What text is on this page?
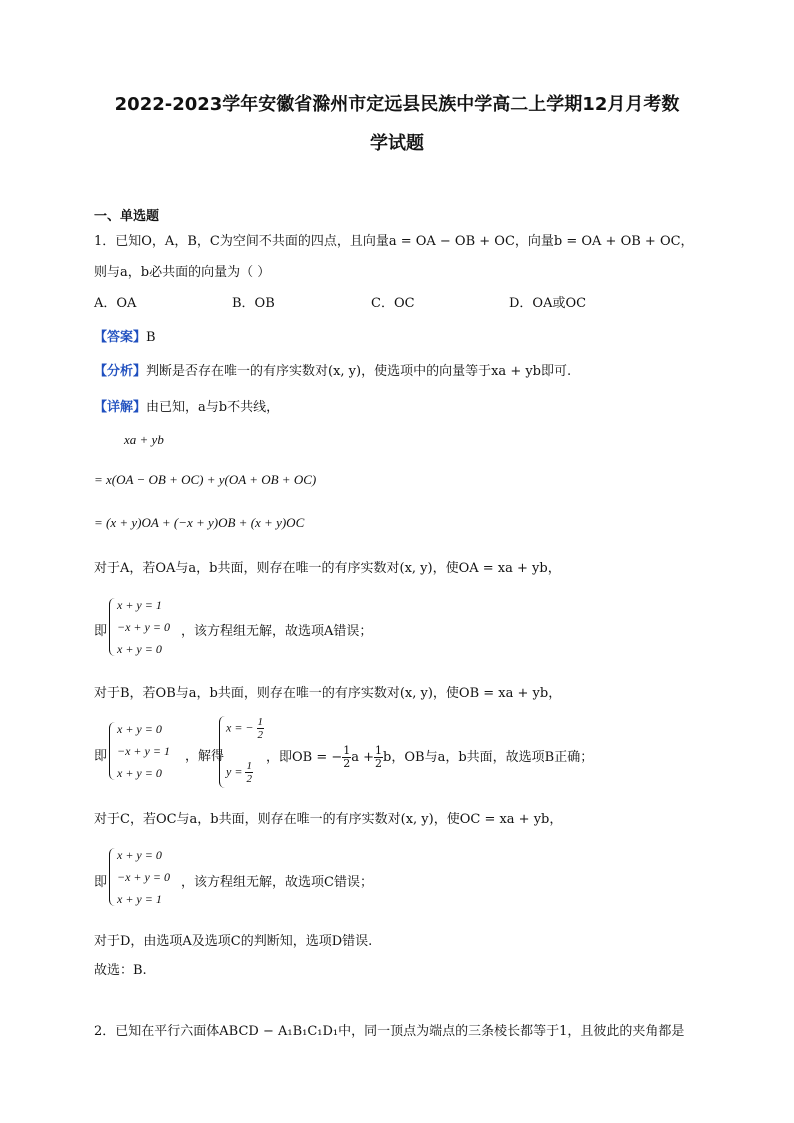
2022-2023学年安徽省滁州市定远县民族中学高二上学期12月月考数
学试题
一、单选题
1．已知O，A，B，C为空间不共面的四点，且向量a = OA − OB + OC，向量b = OA + OB + OC，
则与a，b必共面的向量为（ ）
A．OA	B．OB	C．OC	D．OA或OC
【答案】B
【分析】判断是否存在唯一的有序实数对(x, y)，使选项中的向量等于xa + yb即可.
【详解】由已知，a与b不共线，
xa + yb
= x(OA − OB + OC) + y(OA + OB + OC)
= (x + y)OA + (−x + y)OB + (x + y)OC
对于A，若OA与a，b共面，则存在唯一的有序实数对(x, y)，使OA = xa + yb，
即
x + y = 1
−x + y = 0
x + y = 0
，该方程组无解，故选项A错误；
对于B，若OB与a，b共面，则存在唯一的有序实数对(x, y)，使OB = xa + yb，
即
x + y = 0
−x + y = 1
x + y = 0
，解得
x = − $\frac{1}{2}$
$y = \frac{1}{2}$
，即OB = − $\frac{1}{2}$ $a + \frac{1}{2}$ b，OB与a，b共面，故选项B正确；
对于C，若OC与a，b共面，则存在唯一的有序实数对(x, y)，使OC = xa + yb，
即
x + y = 0
−x + y = 0
x + y = 1
，该方程组无解，故选项C错误；
对于D，由选项A及选项C的判断知，选项D错误.
故选：B.
2．已知在平行六面体ABCD − A₁B₁C₁D₁中，同一顶点为端点的三条棱长都等于1，且彼此的夹角都是
